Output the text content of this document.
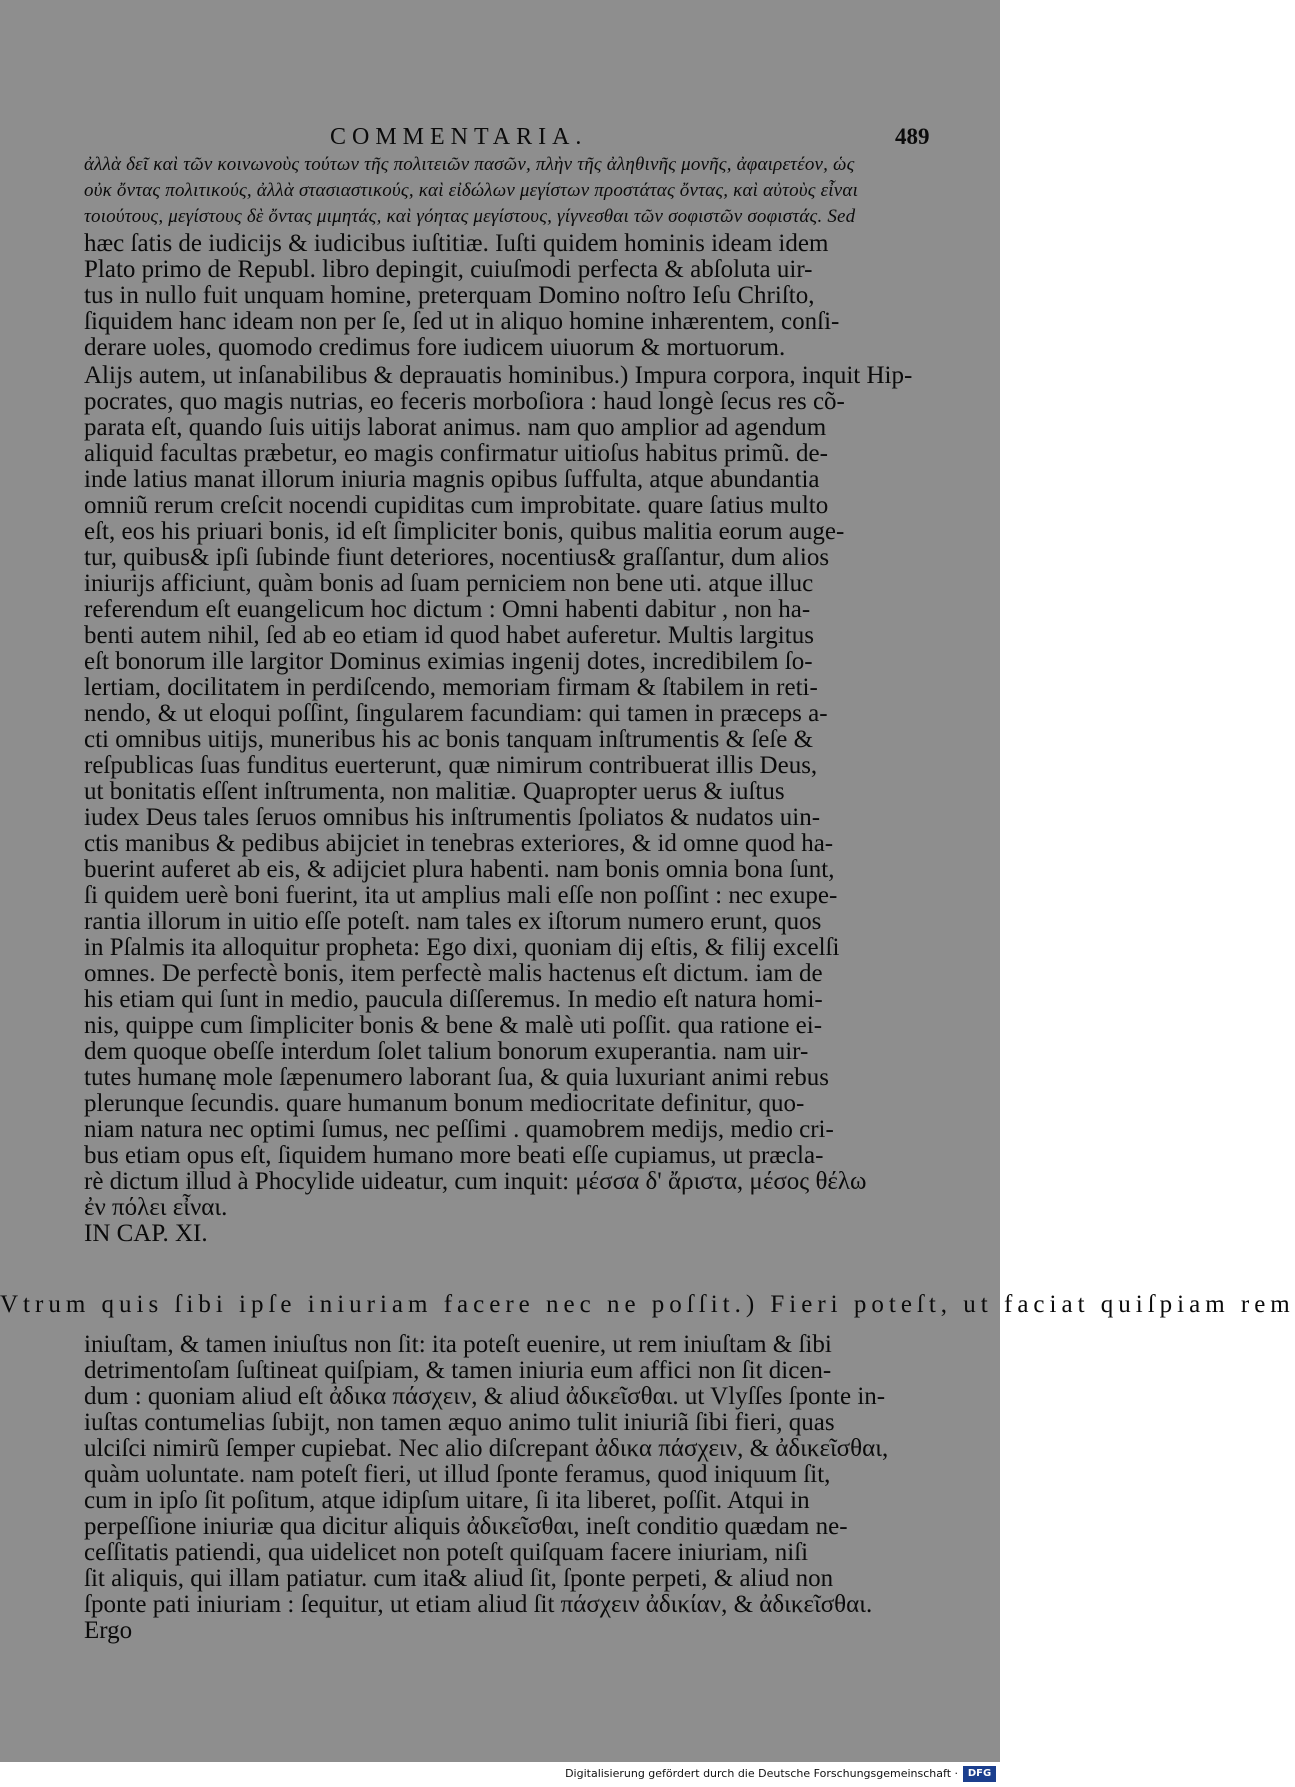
COMMENTARIA.	489
ἀλλὰ δεῖ καὶ τῶν κοινωνοὺς τούτων τῆς πολιτειῶν πασῶν, πλὴν τῆς ἀληθινῆς μονῆς, ἀφαιρετέον, ὡς
οὐκ ὄντας πολιτικούς, ἀλλὰ στασιαστικούς, καὶ εἰδώλων μεγίστων προστάτας ὄντας, καὶ αὐτοὺς εἶναι
τοιούτους, μεγίστους δὲ ὄντας μιμητάς, καὶ γόητας μεγίστους, γίγνεσθαι τῶν σοφιστῶν σοφιστάς. Sed
hæc ſatis de iudicijs & iudicibus iuſtitiæ. Iuſti quidem hominis ideam idem
Plato primo de Republ. libro depingit, cuiuſmodi perfecta & abſoluta uir-
tus in nullo fuit unquam homine, preterquam Domino noſtro Ieſu Chriſto,
ſiquidem hanc ideam non per ſe, ſed ut in aliquo homine inhærentem, conſi-
derare uoles, quomodo credimus fore iudicem uiuorum & mortuorum.
Alijs autem, ut inſanabilibus & deprauatis hominibus.) Impura corpora, inquit Hip-
pocrates, quo magis nutrias, eo feceris morboſiora : haud longè ſecus res cõ-
parata eſt, quando ſuis uitijs laborat animus. nam quo amplior ad agendum
aliquid facultas præbetur, eo magis confirmatur uitioſus habitus primũ. de-
inde latius manat illorum iniuria magnis opibus ſuffulta, atque abundantia
omniũ rerum creſcit nocendi cupiditas cum improbitate. quare ſatius multo
eſt, eos his priuari bonis, id eſt ſimpliciter bonis, quibus malitia eorum auge-
tur, quibus& ipſi ſubinde fiunt deteriores, nocentius& graſſantur, dum alios
iniurijs afficiunt, quàm bonis ad ſuam perniciem non bene uti. atque illuc
referendum eſt euangelicum hoc dictum : Omni habenti dabitur , non ha-
benti autem nihil, ſed ab eo etiam id quod habet auferetur. Multis largitus
eſt bonorum ille largitor Dominus eximias ingenij dotes, incredibilem ſo-
lertiam, docilitatem in perdiſcendo, memoriam firmam & ſtabilem in reti-
nendo, & ut eloqui poſſint, ſingularem facundiam: qui tamen in præceps a-
cti omnibus uitijs, muneribus his ac bonis tanquam inſtrumentis & ſeſe &
reſpublicas ſuas funditus euerterunt, quæ nimirum contribuerat illis Deus,
ut bonitatis eſſent inſtrumenta, non malitiæ. Quapropter uerus & iuſtus
iudex Deus tales ſeruos omnibus his inſtrumentis ſpoliatos & nudatos uin-
ctis manibus & pedibus abijciet in tenebras exteriores, & id omne quod ha-
buerint auferet ab eis, & adijciet plura habenti. nam bonis omnia bona ſunt,
ſi quidem uerè boni fuerint, ita ut amplius mali eſſe non poſſint : nec exupe-
rantia illorum in uitio eſſe poteſt. nam tales ex iſtorum numero erunt, quos
in Pſalmis ita alloquitur propheta: Ego dixi, quoniam dij eſtis, & filij excelſi
omnes. De perfectè bonis, item perfectè malis hactenus eſt dictum. iam de
his etiam qui ſunt in medio, paucula diſſeremus. In medio eſt natura homi-
nis, quippe cum ſimpliciter bonis & bene & malè uti poſſit. qua ratione ei-
dem quoque obeſſe interdum ſolet talium bonorum exuperantia. nam uir-
tutes humanę mole ſæpenumero laborant ſua, & quia luxuriant animi rebus
plerunque ſecundis. quare humanum bonum mediocritate definitur, quo-
niam natura nec optimi ſumus, nec peſſimi . quamobrem medijs, medio cri-
bus etiam opus eſt, ſiquidem humano more beati eſſe cupiamus, ut præcla-
rè dictum illud à Phocylide uideatur, cum inquit: μέσσα δ' ἄριστα, μέσος θέλω
ἐν πόλει εἶναι.
IN CAP. XI.
Vtrum quis ſibi ipſe iniuriam facere nec ne poſſit.) Fieri poteſt, ut faciat quiſpiam rem
iniuſtam, & tamen iniuſtus non ſit: ita poteſt euenire, ut rem iniuſtam & ſibi
detrimentoſam ſuſtineat quiſpiam, & tamen iniuria eum affici non ſit dicen-
dum : quoniam aliud eſt ἀδικα πάσχειν, & aliud ἀδικεῖσθαι. ut Vlyſſes ſponte in-
iuſtas contumelias ſubijt, non tamen æquo animo tulit iniuriã ſibi fieri, quas
ulciſci nimirũ ſemper cupiebat. Nec alio diſcrepant ἀδικα πάσχειν, & ἀδικεῖσθαι,
quàm uoluntate. nam poteſt fieri, ut illud ſponte feramus, quod iniquum ſit,
cum in ipſo ſit poſitum, atque idipſum uitare, ſi ita liberet, poſſit. Atqui in
perpeſſione iniuriæ qua dicitur aliquis ἀδικεῖσθαι, ineſt conditio quædam ne-
ceſſitatis patiendi, qua uidelicet non poteſt quiſquam facere iniuriam, niſi
ſit aliquis, qui illam patiatur. cum ita& aliud ſit, ſponte perpeti, & aliud non
ſponte pati iniuriam : ſequitur, ut etiam aliud ſit πάσχειν ἀδικίαν, & ἀδικεῖσθαι.
Ergo
Digitalisierung gefördert durch die Deutsche Forschungsgemeinschaft · DFG
